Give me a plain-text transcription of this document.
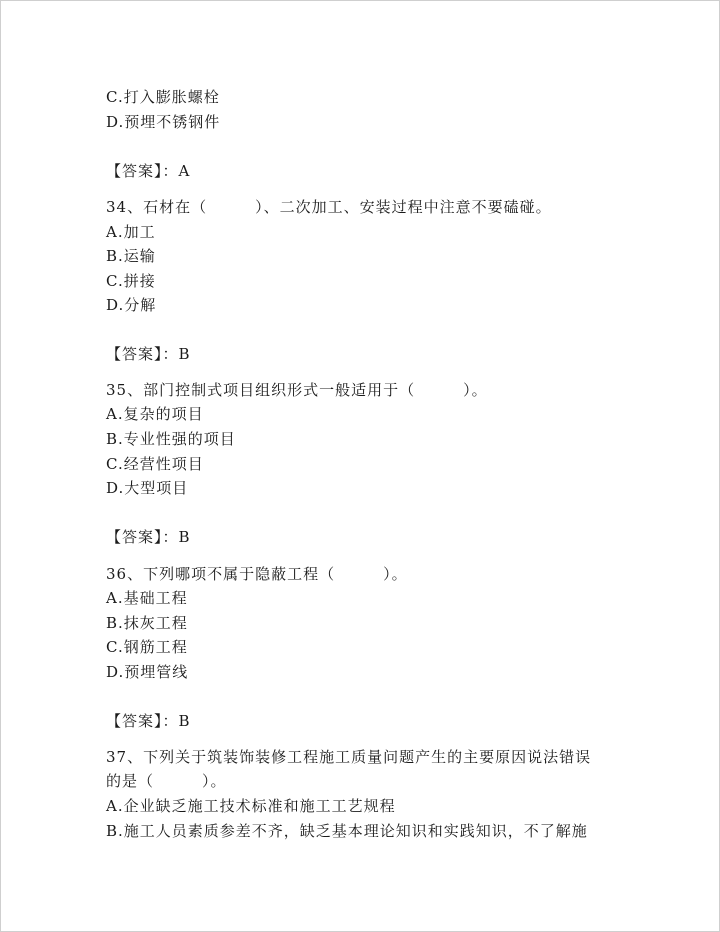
C.打入膨胀螺栓
D.预埋不锈钢件
【答案】：A
34、石材在（　　　）、二次加工、安装过程中注意不要磕碰。
A.加工
B.运输
C.拼接
D.分解
【答案】：B
35、部门控制式项目组织形式一般适用于（　　　）。
A.复杂的项目
B.专业性强的项目
C.经营性项目
D.大型项目
【答案】：B
36、下列哪项不属于隐蔽工程（　　　）。
A.基础工程
B.抹灰工程
C.钢筋工程
D.预埋管线
【答案】：B
37、下列关于筑装饰装修工程施工质量问题产生的主要原因说法错误
的是（　　　）。
A.企业缺乏施工技术标准和施工工艺规程
B.施工人员素质参差不齐，缺乏基本理论知识和实践知识，不了解施
